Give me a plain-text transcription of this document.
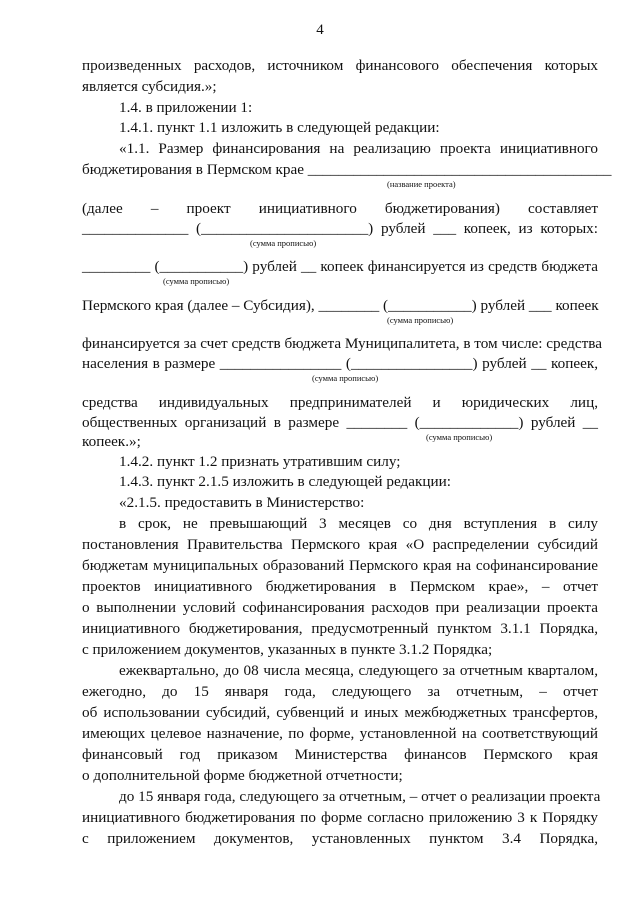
4
произведенных расходов, источником финансового обеспечения которых
является субсидия.»;
1.4. в приложении 1:
1.4.1. пункт 1.1 изложить в следующей редакции:
«1.1. Размер финансирования на реализацию проекта инициативного
бюджетирования в Пермском крае ________________________________________
(название проекта)
(далее – проект инициативного бюджетирования) составляет
______________ (______________________) рублей ___ копеек, из которых:
(сумма прописью)
_________ (___________) рублей __ копеек финансируется из средств бюджета
(сумма прописью)
Пермского края (далее – Субсидия), ________ (___________) рублей ___ копеек
(сумма прописью)
финансируется за счет средств бюджета Муниципалитета, в том числе: средства
населения в размере ________________ (________________) рублей __ копеек,
(сумма прописью)
средства индивидуальных предпринимателей и юридических лиц,
общественных организаций в размере ________ (_____________) рублей __
(сумма прописью)
копеек.»;
1.4.2. пункт 1.2 признать утратившим силу;
1.4.3. пункт 2.1.5 изложить в следующей редакции:
«2.1.5. предоставить в Министерство:
в срок, не превышающий 3 месяцев со дня вступления в силу
постановления Правительства Пермского края «О распределении субсидий
бюджетам муниципальных образований Пермского края на софинансирование
проектов инициативного бюджетирования в Пермском крае», – отчет
о выполнении условий софинансирования расходов при реализации проекта
инициативного бюджетирования, предусмотренный пунктом 3.1.1 Порядка,
с приложением документов, указанных в пункте 3.1.2 Порядка;
ежеквартально, до 08 числа месяца, следующего за отчетным кварталом,
ежегодно, до 15 января года, следующего за отчетным, – отчет
об использовании субсидий, субвенций и иных межбюджетных трансфертов,
имеющих целевое назначение, по форме, установленной на соответствующий
финансовый год приказом Министерства финансов Пермского края
о дополнительной форме бюджетной отчетности;
до 15 января года, следующего за отчетным, – отчет о реализации проекта
инициативного бюджетирования по форме согласно приложению 3 к Порядку
с приложением документов, установленных пунктом 3.4 Порядка,
